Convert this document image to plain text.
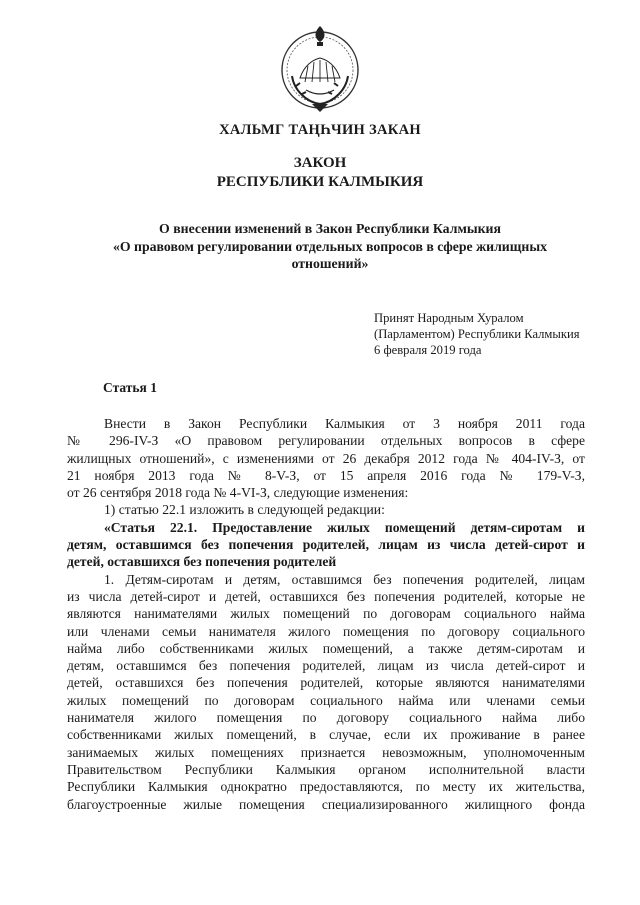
ХАЛЬМГ ТАҢҺЧИН ЗАКАН
ЗАКОН
РЕСПУБЛИКИ КАЛМЫКИЯ
О внесении изменений в Закон Республики Калмыкия
«О правовом регулировании отдельных вопросов в сфере жилищных
отношений»
Принят Народным Хуралом
(Парламентом) Республики Калмыкия
6 февраля 2019 года
Статья 1
Внести в Закон Республики Калмыкия от 3 ноября 2011 года
№ 296-IV-З «О правовом регулировании отдельных вопросов в сфере
жилищных отношений», с изменениями от 26 декабря 2012 года № 404-IV-З, от
21 ноября 2013 года № 8-V-З, от 15 апреля 2016 года № 179-V-З,
от 26 сентября 2018 года № 4-VI-З, следующие изменения:
1) статью 22.1 изложить в следующей редакции:
«Статья 22.1. Предоставление жилых помещений детям-сиротам и
детям, оставшимся без попечения родителей, лицам из числа детей-сирот и
детей, оставшихся без попечения родителей
1. Детям-сиротам и детям, оставшимся без попечения родителей, лицам
из числа детей-сирот и детей, оставшихся без попечения родителей, которые не
являются нанимателями жилых помещений по договорам социального найма
или членами семьи нанимателя жилого помещения по договору социального
найма либо собственниками жилых помещений, а также детям-сиротам и
детям, оставшимся без попечения родителей, лицам из числа детей-сирот и
детей, оставшихся без попечения родителей, которые являются нанимателями
жилых помещений по договорам социального найма или членами семьи
нанимателя жилого помещения по договору социального найма либо
собственниками жилых помещений, в случае, если их проживание в ранее
занимаемых жилых помещениях признается невозможным, уполномоченным
Правительством Республики Калмыкия органом исполнительной власти
Республики Калмыкия однократно предоставляются, по месту их жительства,
благоустроенные жилые помещения специализированного жилищного фонда
